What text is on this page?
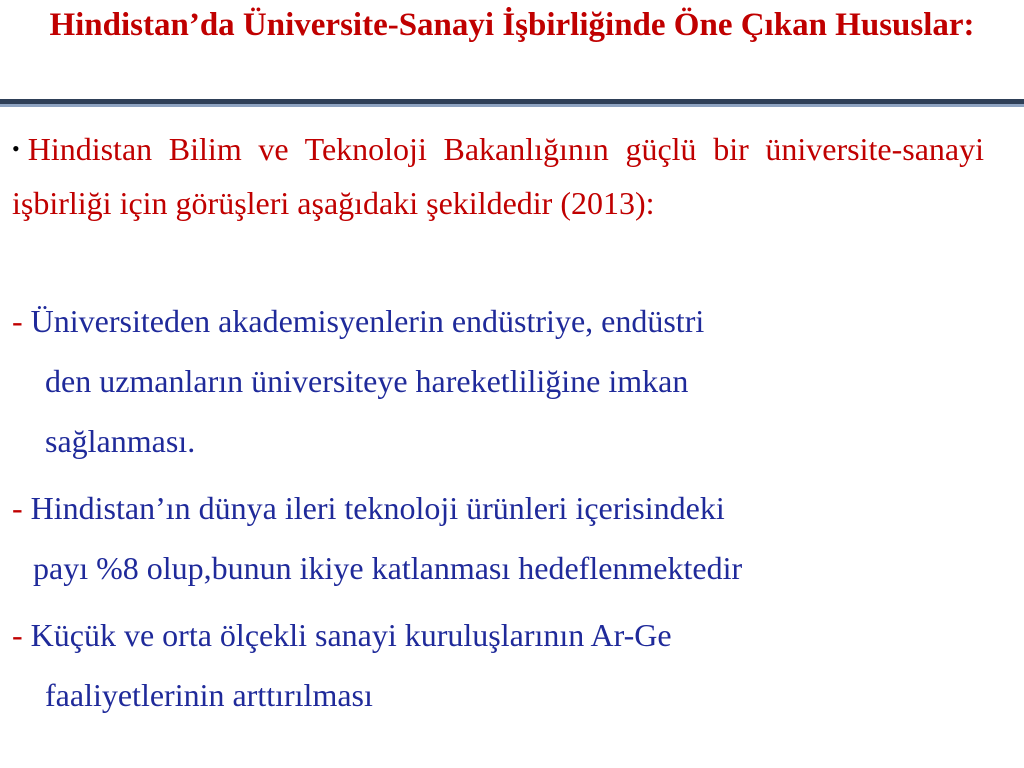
Hindistan’da Üniversite-Sanayi İşbirliğinde Öne Çıkan Hususlar:
• Hindistan Bilim ve Teknoloji Bakanlığının güçlü bir üniversite-sanayi işbirliği için görüşleri aşağıdaki şekildedir (2013):
- Üniversiteden akademisyenlerin endüstriye, endüstri
den uzmanların üniversiteye hareketliliğine imkan
sağlanması.
- Hindistan’ın dünya ileri teknoloji ürünleri içerisindeki
payı %8 olup,bunun ikiye katlanması hedeflenmektedir
- Küçük ve orta ölçekli sanayi kuruluşlarının Ar-Ge
faaliyetlerinin arttırılması
